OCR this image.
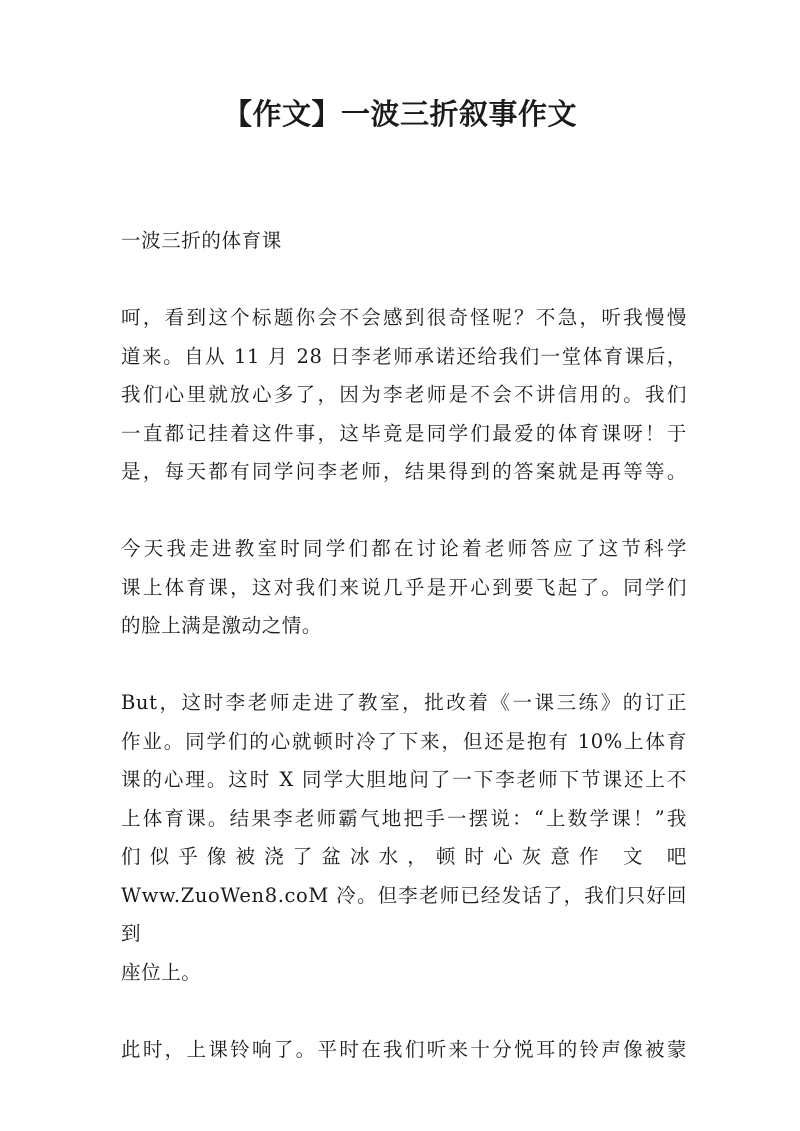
【作文】一波三折叙事作文

一波三折的体育课

呵，看到这个标题你会不会感到很奇怪呢？不急，听我慢慢
道来。自从 11 月 28 日李老师承诺还给我们一堂体育课后，
我们心里就放心多了，因为李老师是不会不讲信用的。我们
一直都记挂着这件事，这毕竟是同学们最爱的体育课呀！于
是，每天都有同学问李老师，结果得到的答案就是再等等。

今天我走进教室时同学们都在讨论着老师答应了这节科学
课上体育课，这对我们来说几乎是开心到要飞起了。同学们
的脸上满是激动之情。

But，这时李老师走进了教室，批改着《一课三练》的订正
作业。同学们的心就顿时冷了下来，但还是抱有 10%上体育
课的心理。这时 X 同学大胆地问了一下李老师下节课还上不
上体育课。结果李老师霸气地把手一摆说：“上数学课！”我
们似乎像被浇了盆冰水，顿时心灰意作 文 吧
Www.ZuoWen8.coM 冷。但李老师已经发话了，我们只好回到
座位上。

此时，上课铃响了。平时在我们听来十分悦耳的铃声像被蒙
